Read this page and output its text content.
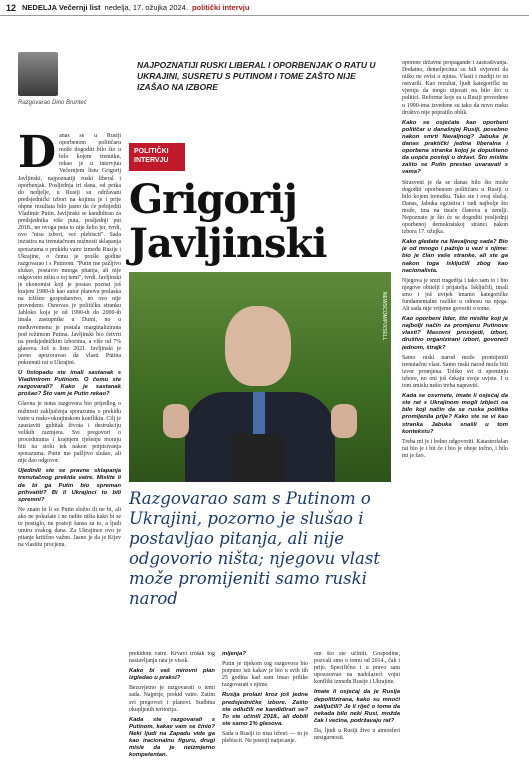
12 NEDELJA Večernji list nedelja, 17. ožujka 2024. politički intervju
Razgovarao Dino Brunteć
NAJPOZNATIJI RUSKI LIBERAL I OPORBENJAK O RATU U UKRAJINI, SUSRETU S PUTINOM I TOME ZAŠTO NIJE IZAŠAO NA IZBORE

Danas se u Rusiji oporbenom političaru može dogoditi bilo što u bilo kojem trenutku, rekao je u intervjuu Večernjem listu Grigorij Javljinski, najpoznatiji ruski liberal i oporbenjak. Posljednja tri dana, od petka do nedjelje, u Rusiji su održavani predsjednički izbori na kojima je i prije ohpne rezultata bilo jasno da će pobijediti Vladimir Putin. Javljinski se kandidirao za predsjednika više puta, posljednji put 2018., no ovoga puta to nije želio jer, tvrdi, ovo "nisu izbori, već plebiscit". Sada inzistira na trenutačnom nužnosti sklapanja sporazuma o prekidu vatre između Rusije i Ukrajine, o čemu je prošle godine razgovarao i s Putinom. "Putin me pažljivo slušao, postavio mnoga pitanja, ali nije odgovorio ništa o toj temi", tvrdi. Javljinski je ekonomist koji je postao poznat još krajem 1980-ih kao autor planova prelaska na tržišno gospodarstvo, no ovo nije provedeno. Osnovao je političku stranku Jabloko koja je od 1990-ih do 2000-ih imala zastupnike u Dumi, no u međuvremenu je postala marginalizirana pod režimom Putina. Javljinski bio četvrti na predsjedničkim izborima, a više od 7% glasova. Još u listo 2021. Javljinski je javno upozoravao da vlasti Putina pokrenuti rat u Ukrajini.

U listopadu ste imali sastanak s Vladimirom Putinom. O čemu ste razgovarali? Kako je sastanak prošao? Što vam je Putin rekao?

Glavna je tema razgovora bio prijedlog o nužnosti zaključenja sporazuma o prekidu vatre u rusko-ukrajinskom konfliktu. Cilj je zaustaviti gubitak života i destrukciju velikih razmjera. Svi pregovori o procedurama i krajnjem rješenju moraju biti na stolu tek nakon potpisivanja sporazuma. Putin me pažljivo slušao, ali nije dao odgovor.

Ujedinili ste se pravne sklapanja trenutačnog prekida vatre. Mislite li da bi ga Putin bio spreman prihvatiti? Bi li Ukrajinci to bili spremni?

Ne znam bi li se Putin složio ili ne bi, ali ako ne pokušate i ne radite ništa kako bi se to postiglo, ne postoji šansa za to, a ljudi umiru svakog dana. Za Ukrajince ovo je pitanje kritično važno. Jasno je da je Kijev na vlastitu procjenu.

POLITIČKI INTERVJU
Grigorij Javljinski
NEWSCOM/PIXSELL
Razgovarao sam s Putinom o Ukrajini, pozorno je slušao i postavljao pitanja, ali nije odgovorio ništa; njegovu vlast može promijeniti samo ruski narod

prekidom vatre. Krvavi trošak tog nastavljanja rata je visok.

Kako bi vaš mirovni plan izgledao u praksi?

Bezuvjetno je razgovarati o temi sada. Najprije, prekid vatre. Zatim svi pregovori i planovi. Sudbina okupljenih teritorija.

Kada ste razgovarali s Putinom, kakav vam se činio? Neki ljudi na Zapadu vide ga kao iracionalnu figuru, drugi misle da je neizmjerno kompetentan.

mijenja?

Putin je tijekom tog razgovora bio potpuno isti kakav je bio u svih tih 25 godina kad sam imao prilike razgovarati s njime.

Rusija prolazi kroz još jedne predsjedničke izbore. Zašto ste odlučili ne kandidirati se? To ste učinili 2018., ali dobili ste samo 1% glasova.

Sada u Rusiji to nisu izbori — to je plebiscit. Ne postoji natjecanje.

om što ste učinili. Gospodine, pozvali smo o tomu od 2014., čak i prije. Specifično i u pravo sam upozoravao na nadolazeći vojni konflikt između Rusije i Ukrajine.

Imate li osjećaj da je Rusija depolitizirana, kako su mnoći zaključili? Je li riječ o tome da nekada bilo neki Rusi, možda čak i većina, podržavaju rat?

Da, ljudi u Rusiji žive u atmosferi nesigurnosti.

oporene državne propagande i zastrašivanja. Dodatno, demeljecima su bili uvjereni da nitko ne ovisi o njima. Vlasti i mediji to su ostvarili. Kao rezultat, ljudi kategorički ne vjeruju da mogu utjecati na bilo što u politici. Reforme koje su u Rusiji provedene u 1990-ima izvedene su tako da novo rusko društvo nije popratilo oblik.

Kako se osjećate kao oporbeni političar u današnjoj Rusiji, posebno nakon smrti Navaljnog? Jabuka je danas praktički jedina liberalna i oporbena stranka kojoj je dopušteno da uopće postoji u državi. Što mislite zašto se Putin prestao uvaravati s vama?

Strasveni je da se danas bilo što može dogoditi oporbenom političaru u Rusiji u bilo kojem trenutku. Tako ste i ovaj slučaj. Danas, Jabuka egzistira i radi najbolje što može, ima na tisuće članova u zemlji. Nepoznato je što će se dogoditi posljednji oporbenoj demokratskoj stranci nakon izbora 17. ožujka.

Kako gledate na Navaljnog sada? Bio je od mnogo i pažnjo u vezi s njime: bio je član vaše stranke, ali ste ga nakon toga isključili zbog kao nacionalista.

Njegova je smrt tragedija i tako sam to i bio njegove obitelji i prijatelja. Isključili, imali smo i još uvijek imamo kategoričke fundamentalne razlike u odnosu na njega. Ali sada nije vrijeme govoriti o tome.

Kao oporbeni lider, što mislite koji je najbolji način za promjenu Putinove vlasti? Masovni prosvjedi, izbori, društvo organizirani izbori, govoreći jednom, štrajk?

Samo ruski narod može promijeniti trenutačnu vlast. Samo ruski narod može biti izvor promjena. Toliko svi ti spominju izbore, no oni još čekaju svoje uvjete. I u tom smislu nešto treba napraviti.

Kada se osvrnete, imate li osjećaj da ste rat s Ukrajinom mogli izbjeći na bilo koji način da se ruska politika promijenila prije? Kako ste se vi kao stranka Jabuka snašli u tom kontekstu?

Treba mi je i bolno odgovoriti. Katastrofalan rat bio je i bit će i bio je oboje točno, i bilo mi je žao.
